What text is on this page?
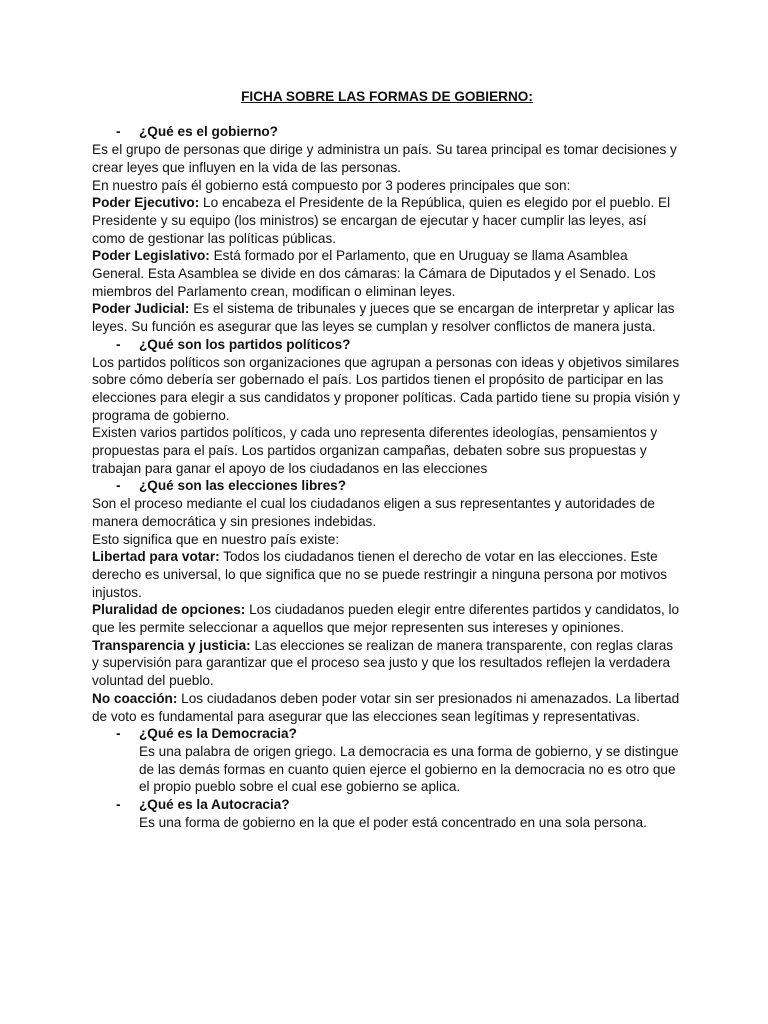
FICHA SOBRE LAS FORMAS DE GOBIERNO:

- ¿Qué es el gobierno?

Es el grupo de personas que dirige y administra un país. Su tarea principal es tomar decisiones y crear leyes que influyen en la vida de las personas.

En nuestro país él gobierno está compuesto por 3 poderes principales que son:

Poder Ejecutivo: Lo encabeza el Presidente de la República, quien es elegido por el pueblo. El Presidente y su equipo (los ministros) se encargan de ejecutar y hacer cumplir las leyes, así como de gestionar las políticas públicas.

Poder Legislativo: Está formado por el Parlamento, que en Uruguay se llama Asamblea General. Esta Asamblea se divide en dos cámaras: la Cámara de Diputados y el Senado. Los miembros del Parlamento crean, modifican o eliminan leyes.

Poder Judicial: Es el sistema de tribunales y jueces que se encargan de interpretar y aplicar las leyes. Su función es asegurar que las leyes se cumplan y resolver conflictos de manera justa.

- ¿Qué son los partidos políticos?

Los partidos políticos son organizaciones que agrupan a personas con ideas y objetivos similares sobre cómo debería ser gobernado el país. Los partidos tienen el propósito de participar en las elecciones para elegir a sus candidatos y proponer políticas. Cada partido tiene su propia visión y programa de gobierno.

Existen varios partidos políticos, y cada uno representa diferentes ideologías, pensamientos y propuestas para el país. Los partidos organizan campañas, debaten sobre sus propuestas y trabajan para ganar el apoyo de los ciudadanos en las elecciones

- ¿Qué son las elecciones libres?

Son el proceso mediante el cual los ciudadanos eligen a sus representantes y autoridades de manera democrática y sin presiones indebidas.

Esto significa que en nuestro país existe:

Libertad para votar: Todos los ciudadanos tienen el derecho de votar en las elecciones. Este derecho es universal, lo que significa que no se puede restringir a ninguna persona por motivos injustos.

Pluralidad de opciones: Los ciudadanos pueden elegir entre diferentes partidos y candidatos, lo que les permite seleccionar a aquellos que mejor representen sus intereses y opiniones.

Transparencia y justicia: Las elecciones se realizan de manera transparente, con reglas claras y supervisión para garantizar que el proceso sea justo y que los resultados reflejen la verdadera voluntad del pueblo.

No coacción: Los ciudadanos deben poder votar sin ser presionados ni amenazados. La libertad de voto es fundamental para asegurar que las elecciones sean legítimas y representativas.

- ¿Qué es la Democracia?

Es una palabra de origen griego. La democracia es una forma de gobierno, y se distingue de las demás formas en cuanto quien ejerce el gobierno en la democracia no es otro que el propio pueblo sobre el cual ese gobierno se aplica.

- ¿Qué es la Autocracia?

Es una forma de gobierno en la que el poder está concentrado en una sola persona.
